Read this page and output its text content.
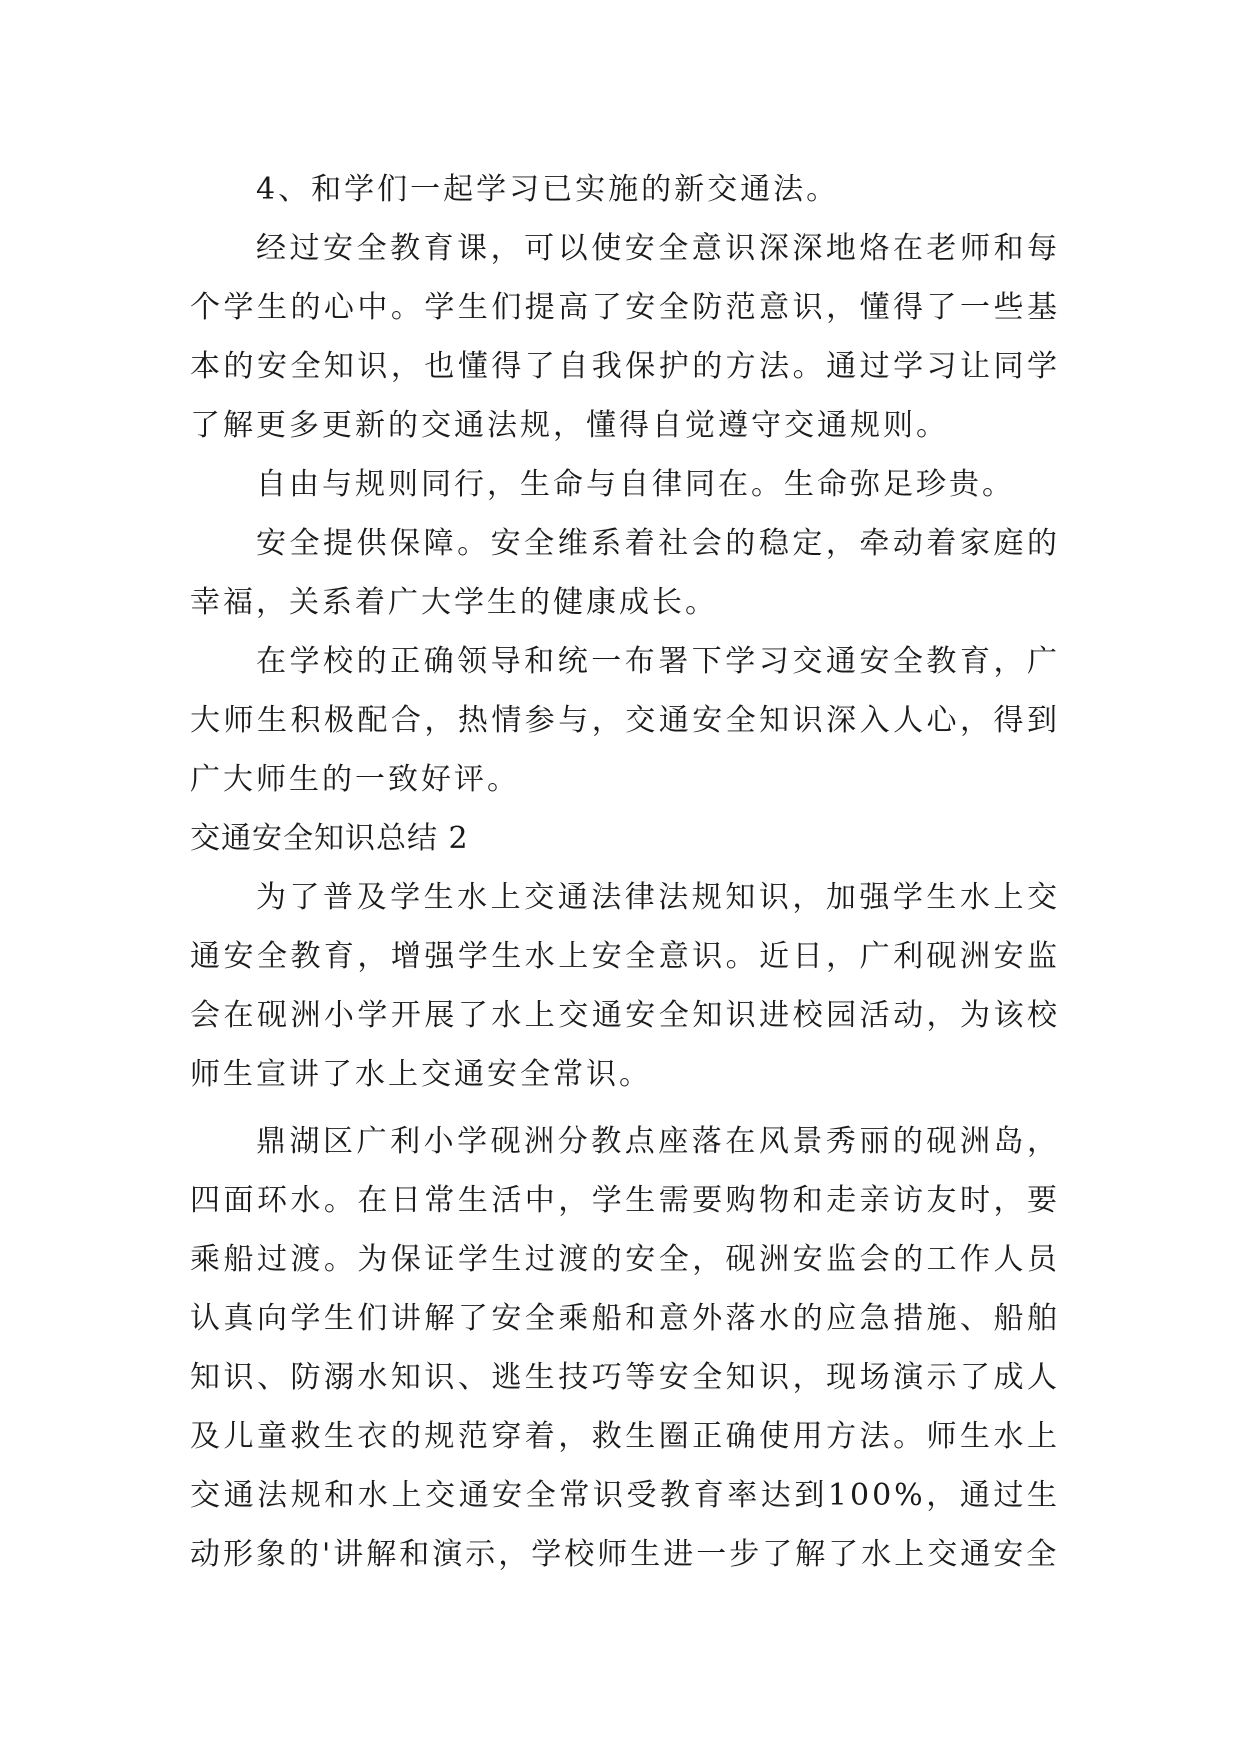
4、和学们一起学习已实施的新交通法。

经过安全教育课，可以使安全意识深深地烙在老师和每个学生的心中。学生们提高了安全防范意识，懂得了一些基本的安全知识，也懂得了自我保护的方法。通过学习让同学了解更多更新的交通法规，懂得自觉遵守交通规则。

自由与规则同行，生命与自律同在。生命弥足珍贵。

安全提供保障。安全维系着社会的稳定，牵动着家庭的幸福，关系着广大学生的健康成长。

在学校的正确领导和统一布署下学习交通安全教育，广大师生积极配合，热情参与，交通安全知识深入人心，得到广大师生的一致好评。

交通安全知识总结 2

为了普及学生水上交通法律法规知识，加强学生水上交通安全教育，增强学生水上安全意识。近日，广利砚洲安监会在砚洲小学开展了水上交通安全知识进校园活动，为该校师生宣讲了水上交通安全常识。

鼎湖区广利小学砚洲分教点座落在风景秀丽的砚洲岛，四面环水。在日常生活中，学生需要购物和走亲访友时，要乘船过渡。为保证学生过渡的安全，砚洲安监会的工作人员认真向学生们讲解了安全乘船和意外落水的应急措施、船舶知识、防溺水知识、逃生技巧等安全知识，现场演示了成人及儿童救生衣的规范穿着，救生圈正确使用方法。师生水上交通法规和水上交通安全常识受教育率达到100%，通过生动形象的'讲解和演示，学校师生进一步了解了水上交通安全
